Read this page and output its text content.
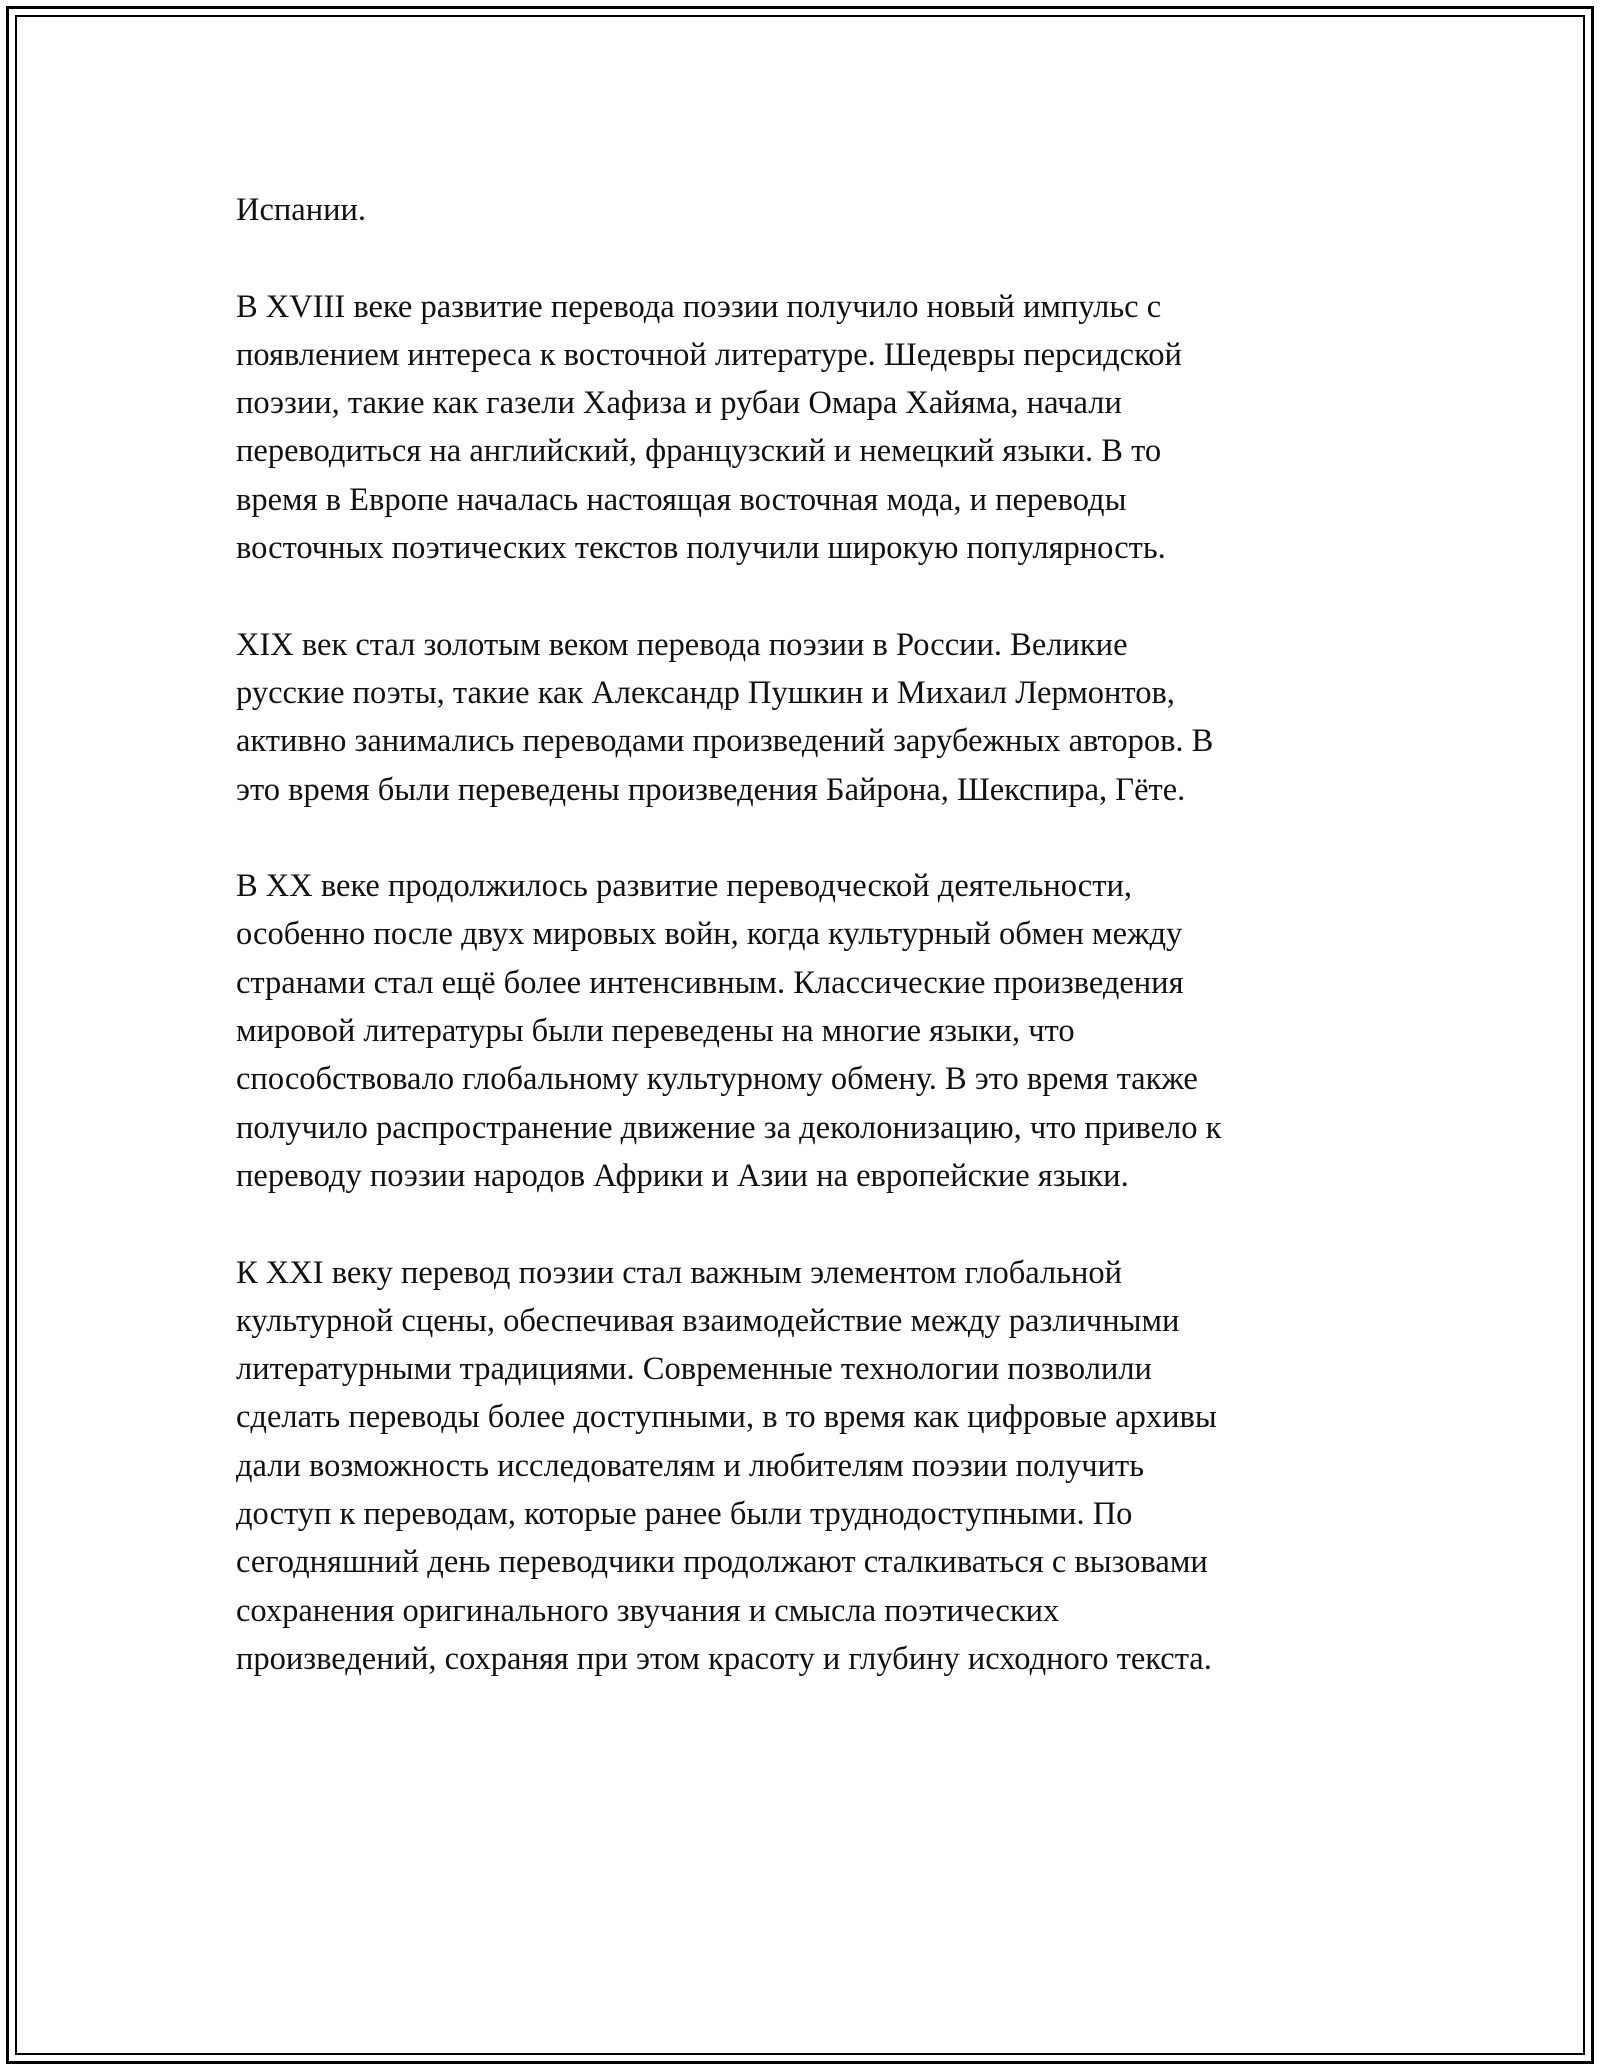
Испании.

В XVIII веке развитие перевода поэзии получило новый импульс с
появлением интереса к восточной литературе. Шедевры персидской
поэзии, такие как газели Хафиза и рубаи Омара Хайяма, начали
переводиться на английский, французский и немецкий языки. В то
время в Европе началась настоящая восточная мода, и переводы
восточных поэтических текстов получили широкую популярность.

XIX век стал золотым веком перевода поэзии в России. Великие
русские поэты, такие как Александр Пушкин и Михаил Лермонтов,
активно занимались переводами произведений зарубежных авторов. В
это время были переведены произведения Байрона, Шекспира, Гёте.

В XX веке продолжилось развитие переводческой деятельности,
особенно после двух мировых войн, когда культурный обмен между
странами стал ещё более интенсивным. Классические произведения
мировой литературы были переведены на многие языки, что
способствовало глобальному культурному обмену. В это время также
получило распространение движение за деколонизацию, что привело к
переводу поэзии народов Африки и Азии на европейские языки.

К XXI веку перевод поэзии стал важным элементом глобальной
культурной сцены, обеспечивая взаимодействие между различными
литературными традициями. Современные технологии позволили
сделать переводы более доступными, в то время как цифровые архивы
дали возможность исследователям и любителям поэзии получить
доступ к переводам, которые ранее были труднодоступными. По
сегодняшний день переводчики продолжают сталкиваться с вызовами
сохранения оригинального звучания и смысла поэтических
произведений, сохраняя при этом красоту и глубину исходного текста.
